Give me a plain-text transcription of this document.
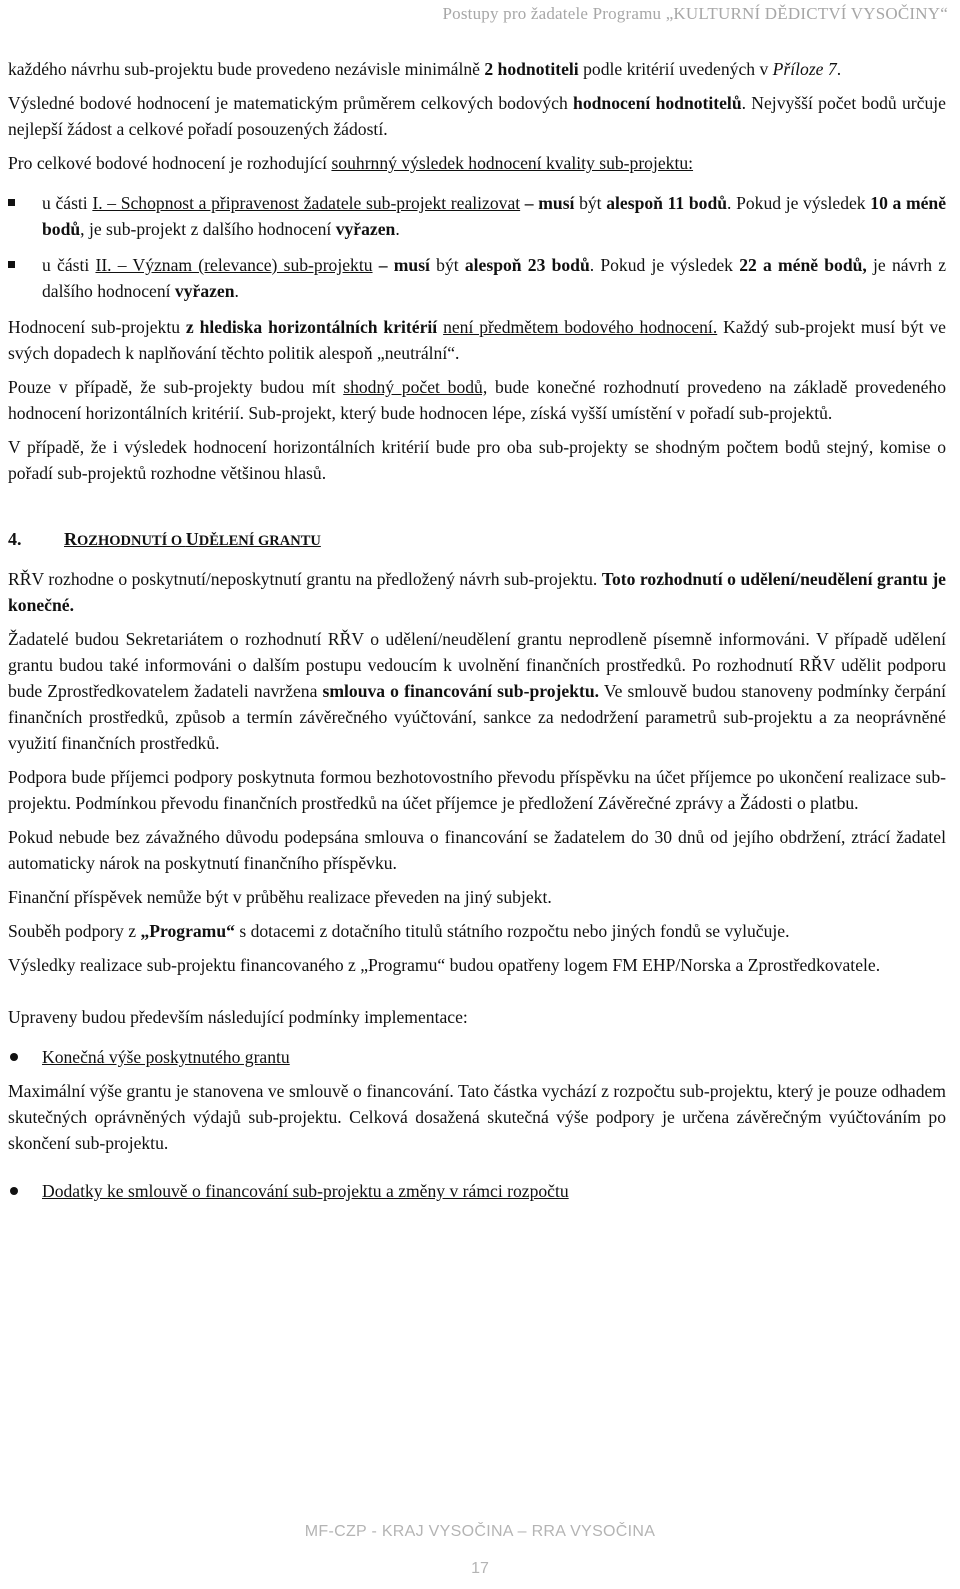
Postupy pro žadatele Programu „KULTURNÍ DĚDICTVÍ VYSOČINY“

každého návrhu sub-projektu bude provedeno nezávisle minimálně 2 hodnotiteli podle kritérií uvedených v Příloze 7.

Výsledné bodové hodnocení je matematickým průměrem celkových bodových hodnocení hodnotitelů. Nejvyšší počet bodů určuje nejlepší žádost a celkové pořadí posouzených žádostí.

Pro celkové bodové hodnocení je rozhodující souhrnný výsledek hodnocení kvality sub-projektu:

u části I. – Schopnost a připravenost žadatele sub-projekt realizovat – musí být alespoň 11 bodů. Pokud je výsledek 10 a méně bodů, je sub-projekt z dalšího hodnocení vyřazen.
u části II. – Význam (relevance) sub-projektu – musí být alespoň 23 bodů. Pokud je výsledek 22 a méně bodů, je návrh z dalšího hodnocení vyřazen.

Hodnocení sub-projektu z hlediska horizontálních kritérií není předmětem bodového hodnocení. Každý sub-projekt musí být ve svých dopadech k naplňování těchto politik alespoň „neutrální“.

Pouze v případě, že sub-projekty budou mít shodný počet bodů, bude konečné rozhodnutí provedeno na základě provedeného hodnocení horizontálních kritérií. Sub-projekt, který bude hodnocen lépe, získá vyšší umístění v pořadí sub-projektů.

V případě, že i výsledek hodnocení horizontálních kritérií bude pro oba sub-projekty se shodným počtem bodů stejný, komise o pořadí sub-projektů rozhodne většinou hlasů.

4. ROZHODNUTÍ O UDĚLENÍ GRANTU

RŘV rozhodne o poskytnutí/neposkytnutí grantu na předložený návrh sub-projektu. Toto rozhodnutí o udělení/neudělení grantu je konečné.

Žadatelé budou Sekretariátem o rozhodnutí RŘV o udělení/neudělení grantu neprodleně písemně informováni. V případě udělení grantu budou také informováni o dalším postupu vedoucím k uvolnění finančních prostředků. Po rozhodnutí RŘV udělit podporu bude Zprostředkovatelem žadateli navržena smlouva o financování sub-projektu. Ve smlouvě budou stanoveny podmínky čerpání finančních prostředků, způsob a termín závěrečného vyúčtování, sankce za nedodržení parametrů sub-projektu a za neoprávněné využití finančních prostředků.

Podpora bude příjemci podpory poskytnuta formou bezhotovostního převodu příspěvku na účet příjemce po ukončení realizace sub-projektu. Podmínkou převodu finančních prostředků na účet příjemce je předložení Závěrečné zprávy a Žádosti o platbu.

Pokud nebude bez závažného důvodu podepsána smlouva o financování se žadatelem do 30 dnů od jejího obdržení, ztrácí žadatel automaticky nárok na poskytnutí finančního příspěvku.

Finanční příspěvek nemůže být v průběhu realizace převeden na jiný subjekt.

Souběh podpory z „Programu“ s dotacemi z dotačního titulů státního rozpočtu nebo jiných fondů se vylučuje.

Výsledky realizace sub-projektu financovaného z „Programu“ budou opatřeny logem FM EHP/Norska a Zprostředkovatele.

Upraveny budou především následující podmínky implementace:

Konečná výše poskytnutého grantu

Maximální výše grantu je stanovena ve smlouvě o financování. Tato částka vychází z rozpočtu sub-projektu, který je pouze odhadem skutečných oprávněných výdajů sub-projektu. Celková dosažená skutečná výše podpory je určena závěrečným vyúčtováním po skončení sub-projektu.

Dodatky ke smlouvě o financování sub-projektu a změny v rámci rozpočtu
MF-CZP - KRAJ VYSOČINA – RRA VYSOČINA
17
